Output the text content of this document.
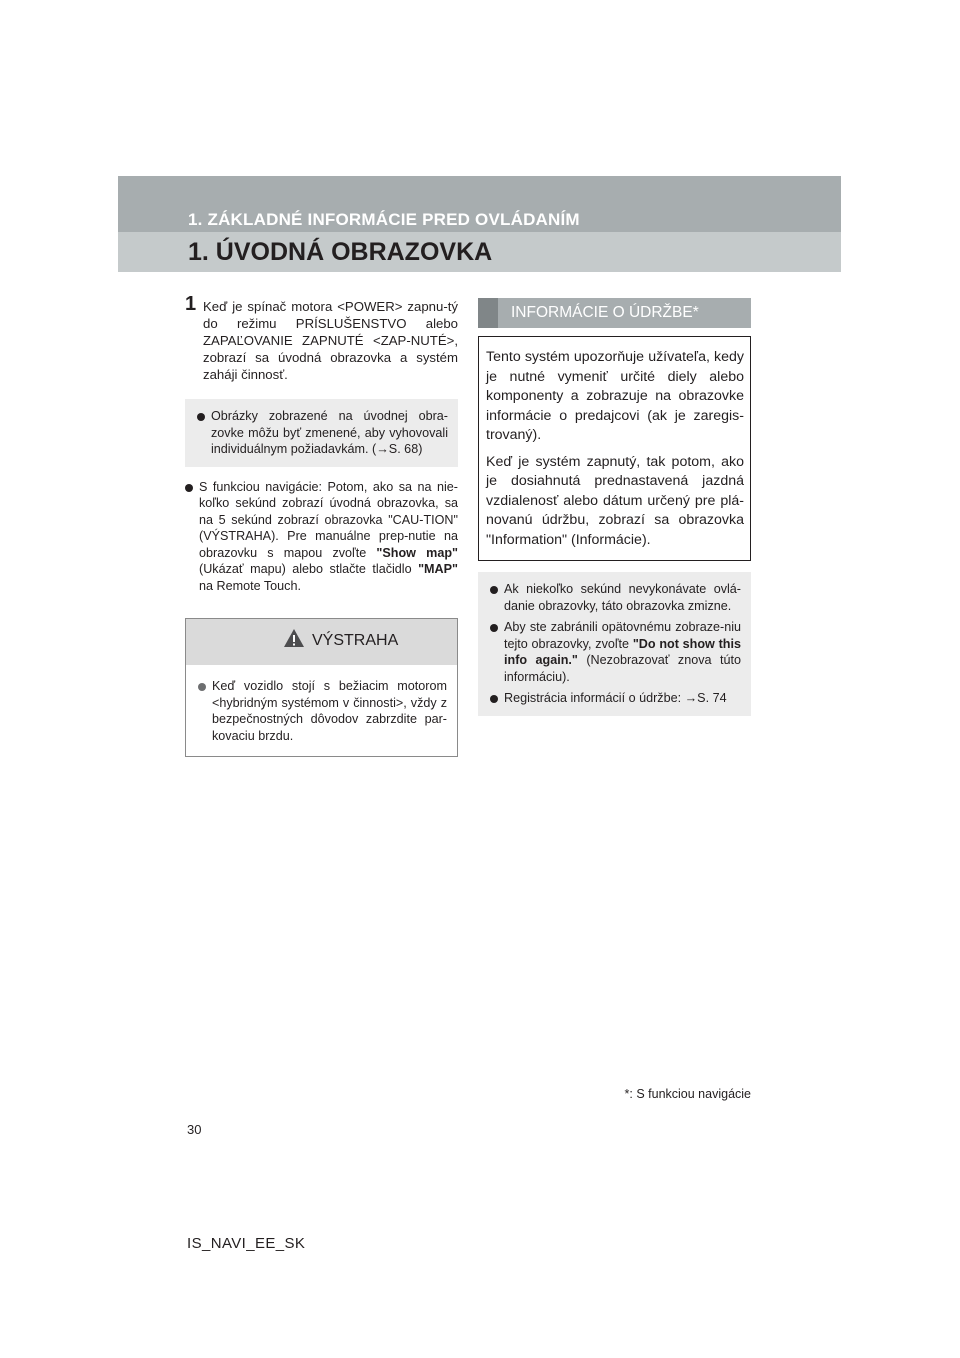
1. ZÁKLADNÉ INFORMÁCIE PRED OVLÁDANÍM
1. ÚVODNÁ OBRAZOVKA
1 Keď je spínač motora <POWER> zapnu-tý do režimu PRÍSLUŠENSTVO alebo ZAPAĽOVANIE ZAPNUTÉ <ZAP-NUTÉ>, zobrazí sa úvodná obrazovka a systém zaháji činnosť.
Obrázky zobrazené na úvodnej obra-zovke môžu byť zmenené, aby vyhovovali individuálnym požiadavkám. (→S. 68)
S funkciou navigácie: Potom, ako sa na nie-koľko sekúnd zobrazí úvodná obrazovka, sa na 5 sekúnd zobrazí obrazovka "CAU-TION" (VÝSTRAHA). Pre manuálne prep-nutie na obrazovku s mapou zvoľte "Show map" (Ukázať mapu) alebo stlačte tlačidlo "MAP" na Remote Touch.
VÝSTRAHA
Keď vozidlo stojí s bežiacim motorom <hybridným systémom v činnosti>, vždy z bezpečnostných dôvodov zabrzdite par-kovaciu brzdu.
INFORMÁCIE O ÚDRŽBE*

Tento systém upozorňuje užívateľa, kedy je nutné vymeniť určité diely alebo komponenty a zobrazuje na obrazovke informácie o predajcovi (ak je zaregis-trovaný).

Keď je systém zapnutý, tak potom, ako je dosiahnutá prednastavená jazdná vzdialenosť alebo dátum určený pre plá-novanú údržbu, zobrazí sa obrazovka "Information" (Informácie).

Ak niekoľko sekúnd nevykonávate ovlá-danie obrazovky, táto obrazovka zmizne.
Aby ste zabránili opätovnému zobraze-niu tejto obrazovky, zvoľte "Do not show this info again." (Nezobrazovať znova túto informáciu).
Registrácia informácií o údržbe: →S. 74
*: S funkciou navigácie
30
IS_NAVI_EE_SK
